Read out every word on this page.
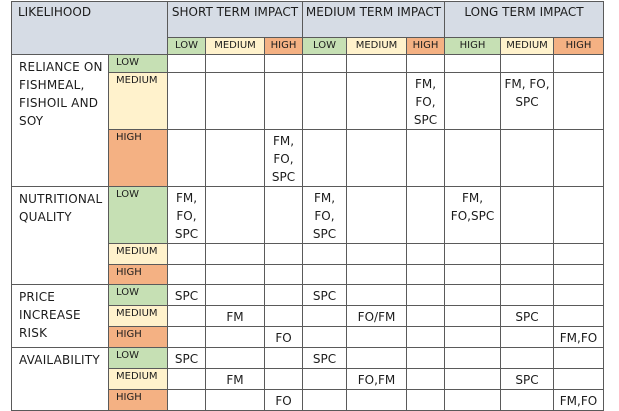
LIKELIHOOD		SHORT TERM IMPACT			MEDIUM TERM IMPACT			LONG TERM IMPACT		
		LOW	MEDIUM	HIGH	LOW	MEDIUM	HIGH	HIGH	MEDIUM	HIGH
RELIANCE ON FISHMEAL, FISHOIL AND SOY	LOW									
	MEDIUM						FM, FO, SPC		FM, FO, SPC	
	HIGH			FM, FO, SPC						
NUTRITIONAL QUALITY	LOW	FM, FO, SPC			FM, FO, SPC			FM, FO,SPC		
	MEDIUM									
	HIGH									
PRICE INCREASE RISK	LOW	SPC			SPC					
	MEDIUM		FM			FO/FM			SPC	
	HIGH			FO						FM,FO
AVAILABILITY	LOW	SPC			SPC					
	MEDIUM		FM			FO,FM			SPC	
	HIGH			FO						FM,FO
